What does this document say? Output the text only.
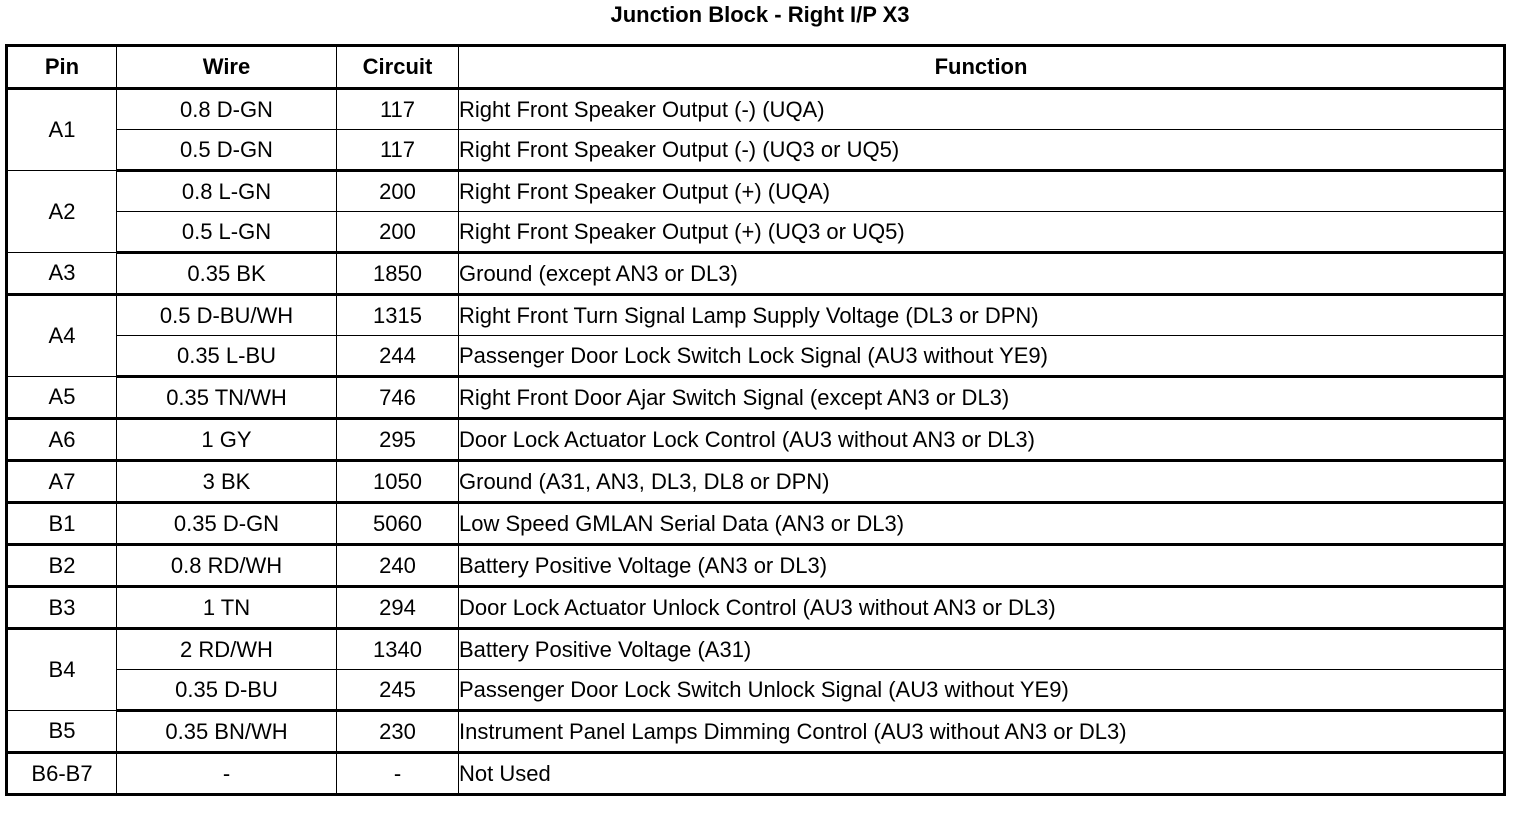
Junction Block - Right I/P X3
Pin	Wire	Circuit	Function
A1	0.8 D-GN	117	Right Front Speaker Output (-) (UQA)
	0.5 D-GN	117	Right Front Speaker Output (-) (UQ3 or UQ5)
A2	0.8 L-GN	200	Right Front Speaker Output (+) (UQA)
	0.5 L-GN	200	Right Front Speaker Output (+) (UQ3 or UQ5)
A3	0.35 BK	1850	Ground (except AN3 or DL3)
A4	0.5 D-BU/WH	1315	Right Front Turn Signal Lamp Supply Voltage (DL3 or DPN)
	0.35 L-BU	244	Passenger Door Lock Switch Lock Signal (AU3 without YE9)
A5	0.35 TN/WH	746	Right Front Door Ajar Switch Signal (except AN3 or DL3)
A6	1 GY	295	Door Lock Actuator Lock Control (AU3 without AN3 or DL3)
A7	3 BK	1050	Ground (A31, AN3, DL3, DL8 or DPN)
B1	0.35 D-GN	5060	Low Speed GMLAN Serial Data (AN3 or DL3)
B2	0.8 RD/WH	240	Battery Positive Voltage (AN3 or DL3)
B3	1 TN	294	Door Lock Actuator Unlock Control (AU3 without AN3 or DL3)
B4	2 RD/WH	1340	Battery Positive Voltage (A31)
	0.35 D-BU	245	Passenger Door Lock Switch Unlock Signal (AU3 without YE9)
B5	0.35 BN/WH	230	Instrument Panel Lamps Dimming Control (AU3 without AN3 or DL3)
B6-B7	-	-	Not Used
